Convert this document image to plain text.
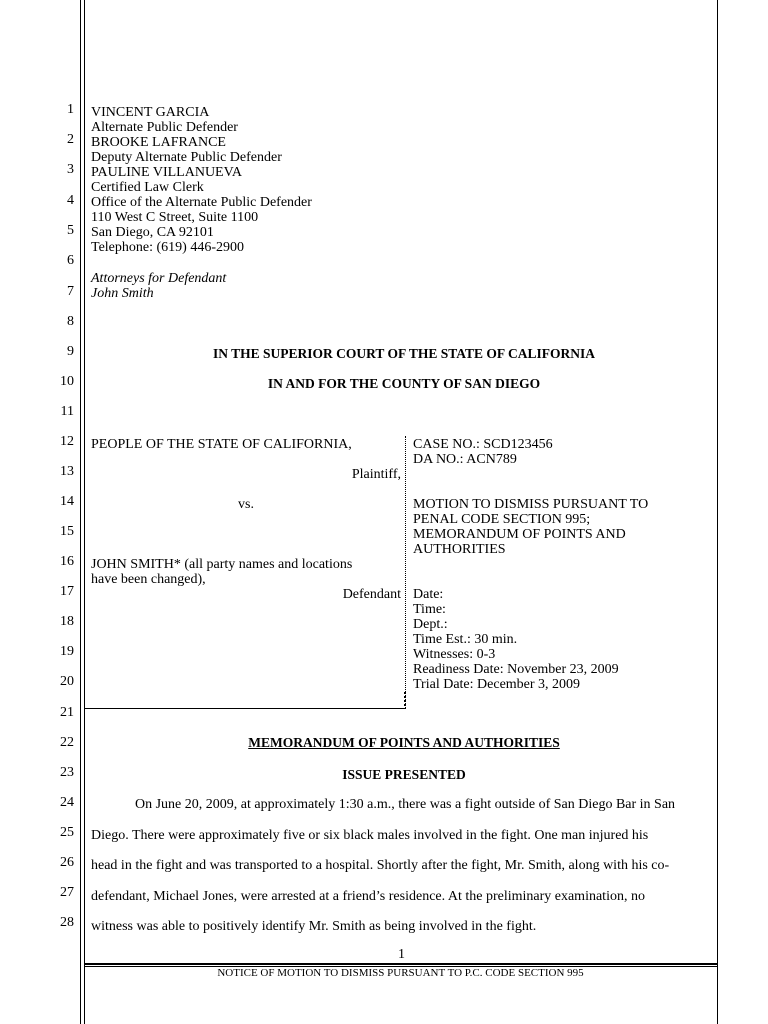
1
2
3
4
5
6
7
8
9
10
11
12
13
14
15
16
17
18
19
20
21
22
23
24
25
26
27
28
VINCENT GARCIA
Alternate Public Defender
BROOKE LAFRANCE
Deputy Alternate Public Defender
PAULINE VILLANUEVA
Certified Law Clerk
Office of the Alternate Public Defender
110 West C Street, Suite 1100
San Diego, CA 92101
Telephone: (619) 446-2900
Attorneys for Defendant
John Smith
IN THE SUPERIOR COURT OF THE STATE OF CALIFORNIA
IN AND FOR THE COUNTY OF SAN DIEGO
PEOPLE OF THE STATE OF CALIFORNIA,
Plaintiff,
vs.
JOHN SMITH* (all party names and locations
have been changed),
Defendant
CASE NO.: SCD123456
DA NO.: ACN789
MOTION TO DISMISS PURSUANT TO
PENAL CODE SECTION 995;
MEMORANDUM OF POINTS AND
AUTHORITIES
Date:
Time:
Dept.:
Time Est.: 30 min.
Witnesses: 0-3
Readiness Date: November 23, 2009
Trial Date: December 3, 2009
MEMORANDUM OF POINTS AND AUTHORITIES
ISSUE PRESENTED
On June 20, 2009, at approximately 1:30 a.m., there was a fight outside of San Diego Bar in San
Diego. There were approximately five or six black males involved in the fight. One man injured his
head in the fight and was transported to a hospital. Shortly after the fight, Mr. Smith, along with his co-
defendant, Michael Jones, were arrested at a friend’s residence. At the preliminary examination, no
witness was able to positively identify Mr. Smith as being involved in the fight.
1
NOTICE OF MOTION TO DISMISS PURSUANT TO P.C. CODE SECTION 995
